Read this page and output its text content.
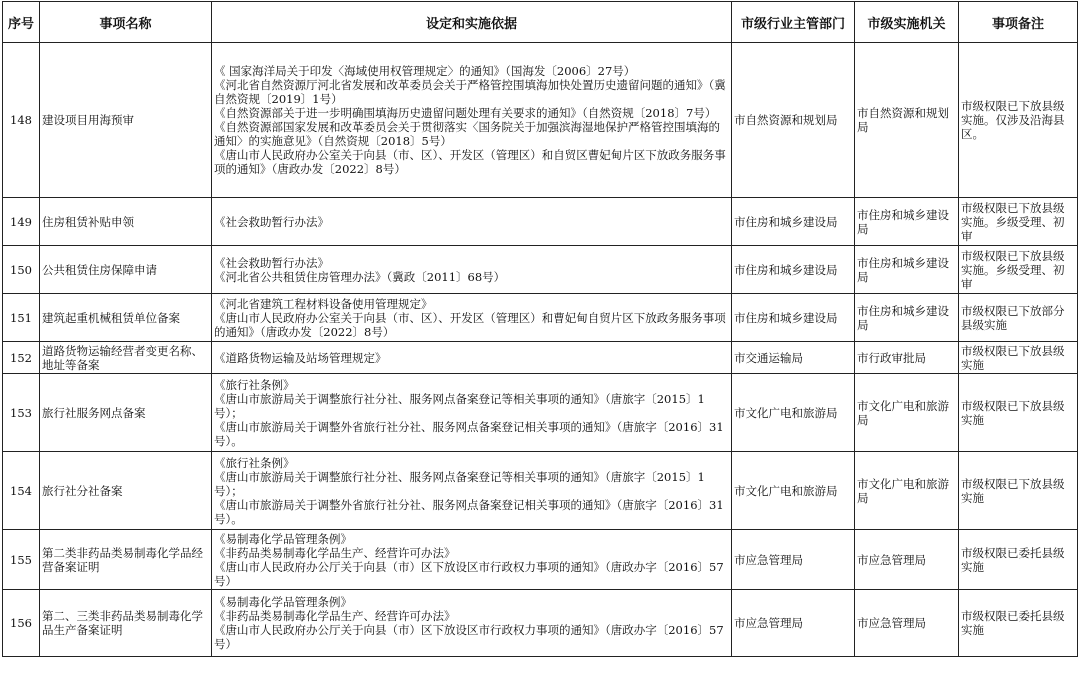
序号	事项名称	设定和实施依据	市级行业主管部门	市级实施机关	事项备注
148	建设项目用海预审	《 国家海洋局关于印发〈海域使用权管理规定〉的通知》（国海发〔2006〕27号）
《河北省自然资源厅河北省发展和改革委员会关于严格管控围填海加快处置历史遗留问题的通知》（冀自然资规〔2019〕1号）
《自然资源部关于进一步明确围填海历史遗留问题处理有关要求的通知》（自然资规〔2018〕7号）
《自然资源部国家发展和改革委员会关于贯彻落实〈国务院关于加强滨海湿地保护严格管控围填海的通知〉的实施意见》（自然资规〔2018〕5号）
《唐山市人民政府办公室关于向县（市、区）、开发区（管理区）和自贸区曹妃甸片区下放政务服务事项的通知》（唐政办发〔2022〕8号）	市自然资源和规划局	市自然资源和规划局	市级权限已下放县级实施。仅涉及沿海县区。
149	住房租赁补贴申领	《社会救助暂行办法》	市住房和城乡建设局	市住房和城乡建设局	市级权限已下放县级实施。乡级受理、初审
150	公共租赁住房保障申请	《社会救助暂行办法》
《河北省公共租赁住房管理办法》（冀政〔2011〕68号）	市住房和城乡建设局	市住房和城乡建设局	市级权限已下放县级实施。乡级受理、初审
151	建筑起重机械租赁单位备案	《河北省建筑工程材料设备使用管理规定》
《唐山市人民政府办公室关于向县（市、区）、开发区（管理区）和曹妃甸自贸片区下放政务服务事项的通知》（唐政办发〔2022〕8号）	市住房和城乡建设局	市住房和城乡建设局	市级权限已下放部分县级实施
152	道路货物运输经营者变更名称、地址等备案	《道路货物运输及站场管理规定》	市交通运输局	市行政审批局	市级权限已下放县级实施
153	旅行社服务网点备案	《旅行社条例》
《唐山市旅游局关于调整旅行社分社、服务网点备案登记等相关事项的通知》（唐旅字〔2015〕1号）；
《唐山市旅游局关于调整外省旅行社分社、服务网点备案登记相关事项的通知》（唐旅字〔2016〕31号）。	市文化广电和旅游局	市文化广电和旅游局	市级权限已下放县级实施
154	旅行社分社备案	《旅行社条例》
《唐山市旅游局关于调整旅行社分社、服务网点备案登记等相关事项的通知》（唐旅字〔2015〕1号）；
《唐山市旅游局关于调整外省旅行社分社、服务网点备案登记相关事项的通知》（唐旅字〔2016〕31号）。	市文化广电和旅游局	市文化广电和旅游局	市级权限已下放县级实施
155	第二类非药品类易制毒化学品经营备案证明	《易制毒化学品管理条例》
《非药品类易制毒化学品生产、经营许可办法》
《唐山市人民政府办公厅关于向县（市）区下放设区市行政权力事项的通知》（唐政办字〔2016〕57号）	市应急管理局	市应急管理局	市级权限已委托县级实施
156	第二、三类非药品类易制毒化学品生产备案证明	《易制毒化学品管理条例》
《非药品类易制毒化学品生产、经营许可办法》
《唐山市人民政府办公厅关于向县（市）区下放设区市行政权力事项的通知》（唐政办字〔2016〕57号）	市应急管理局	市应急管理局	市级权限已委托县级实施
